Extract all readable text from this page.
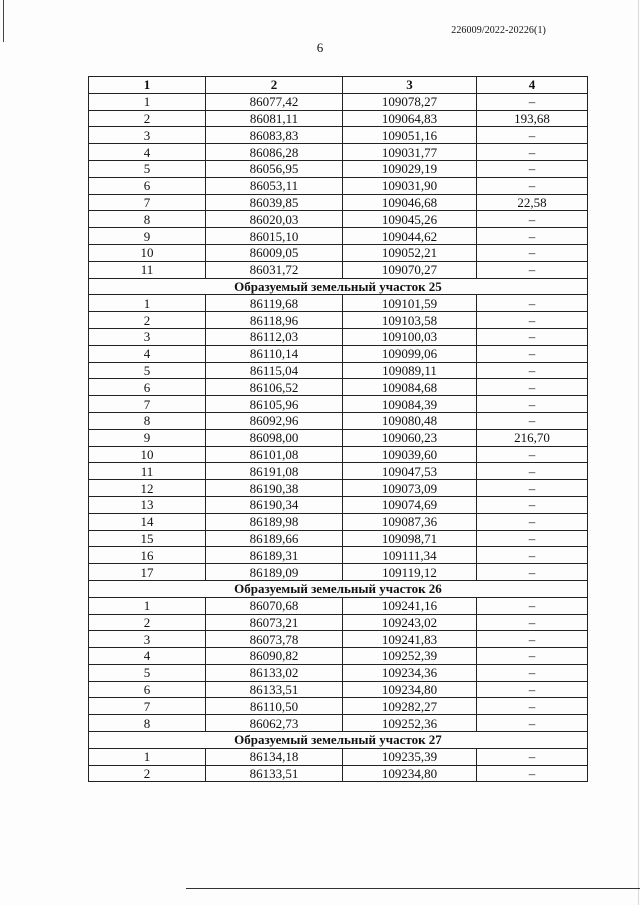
226009/2022-20226(1)
6
1	2	3	4
1	86077,42	109078,27	–
2	86081,11	109064,83	193,68
3	86083,83	109051,16	–
4	86086,28	109031,77	–
5	86056,95	109029,19	–
6	86053,11	109031,90	–
7	86039,85	109046,68	22,58
8	86020,03	109045,26	–
9	86015,10	109044,62	–
10	86009,05	109052,21	–
11	86031,72	109070,27	–
Образуемый земельный участок 25			
1	86119,68	109101,59	–
2	86118,96	109103,58	–
3	86112,03	109100,03	–
4	86110,14	109099,06	–
5	86115,04	109089,11	–
6	86106,52	109084,68	–
7	86105,96	109084,39	–
8	86092,96	109080,48	–
9	86098,00	109060,23	216,70
10	86101,08	109039,60	–
11	86191,08	109047,53	–
12	86190,38	109073,09	–
13	86190,34	109074,69	–
14	86189,98	109087,36	–
15	86189,66	109098,71	–
16	86189,31	109111,34	–
17	86189,09	109119,12	–
Образуемый земельный участок 26			
1	86070,68	109241,16	–
2	86073,21	109243,02	–
3	86073,78	109241,83	–
4	86090,82	109252,39	–
5	86133,02	109234,36	–
6	86133,51	109234,80	–
7	86110,50	109282,27	–
8	86062,73	109252,36	–
Образуемый земельный участок 27			
1	86134,18	109235,39	–
2	86133,51	109234,80	–
